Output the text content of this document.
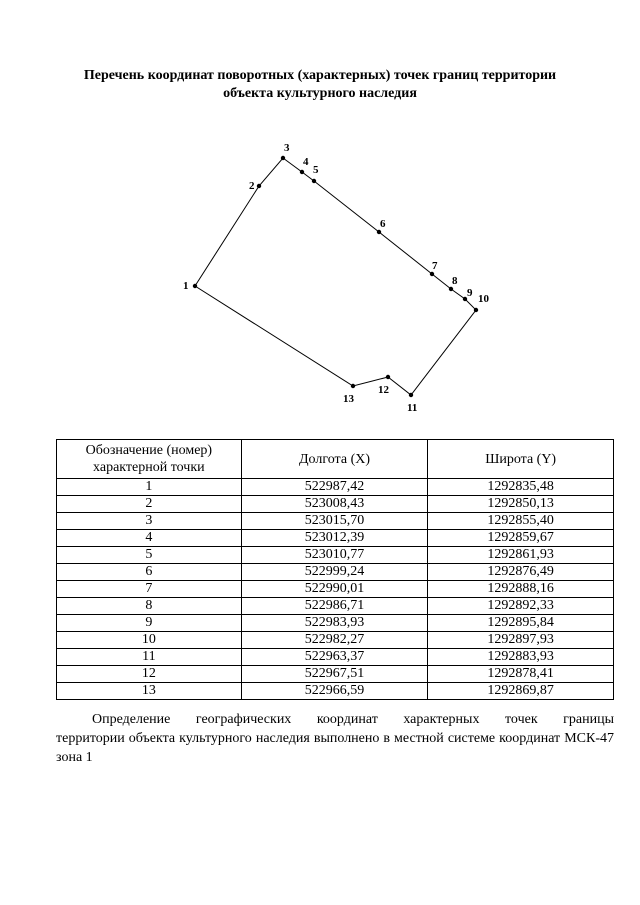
Перечень координат поворотных (характерных) точек границ территории
объекта культурного наследия
1
2
3
4
5
6
7
8
9 10
11
12
13
Обозначение (номер)
характерной точки	Долгота (X)	Широта (Y)
1	522987,42	1292835,48
2	523008,43	1292850,13
3	523015,70	1292855,40
4	523012,39	1292859,67
5	523010,77	1292861,93
6	522999,24	1292876,49
7	522990,01	1292888,16
8	522986,71	1292892,33
9	522983,93	1292895,84
10	522982,27	1292897,93
11	522963,37	1292883,93
12	522967,51	1292878,41
13	522966,59	1292869,87
Определение географических координат характерных точек границы
территории объекта культурного наследия выполнено в местной системе координат МСК-47 зона 1
